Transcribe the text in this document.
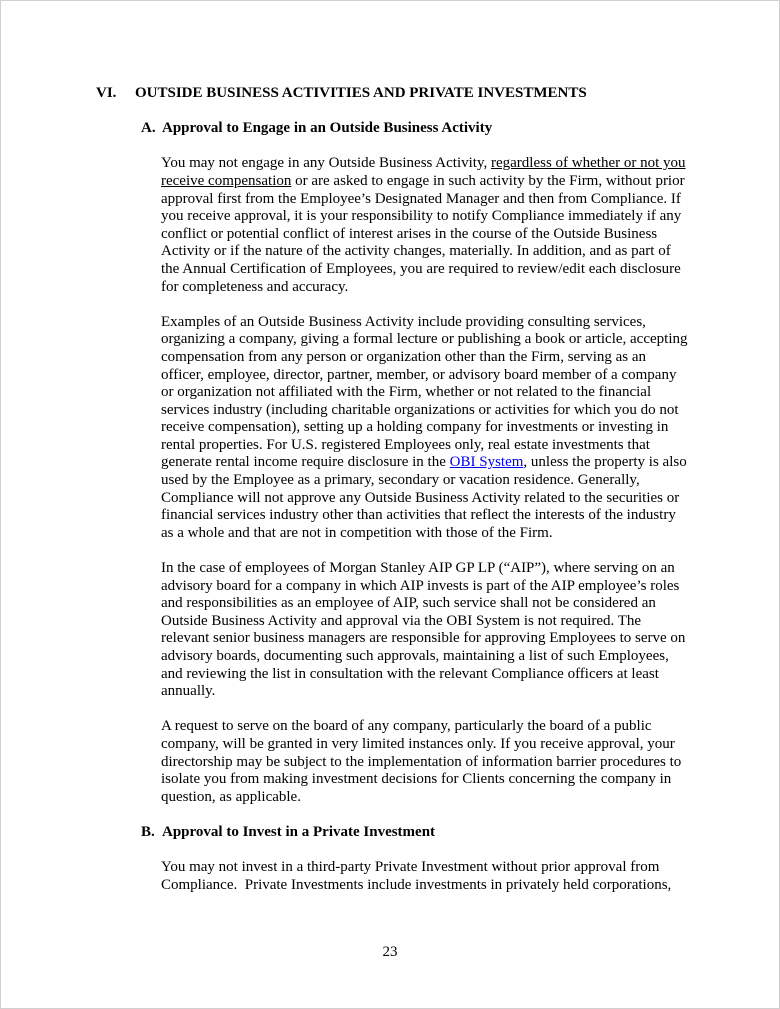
VI.	OUTSIDE BUSINESS ACTIVITIES AND PRIVATE INVESTMENTS
A. Approval to Engage in an Outside Business Activity

You may not engage in any Outside Business Activity, regardless of whether or not you receive compensation or are asked to engage in such activity by the Firm, without prior approval first from the Employee’s Designated Manager and then from Compliance. If you receive approval, it is your responsibility to notify Compliance immediately if any conflict or potential conflict of interest arises in the course of the Outside Business Activity or if the nature of the activity changes, materially. In addition, and as part of the Annual Certification of Employees, you are required to review/edit each disclosure for completeness and accuracy.

Examples of an Outside Business Activity include providing consulting services, organizing a company, giving a formal lecture or publishing a book or article, accepting compensation from any person or organization other than the Firm, serving as an officer, employee, director, partner, member, or advisory board member of a company or organization not affiliated with the Firm, whether or not related to the financial services industry (including charitable organizations or activities for which you do not receive compensation), setting up a holding company for investments or investing in rental properties. For U.S. registered Employees only, real estate investments that generate rental income require disclosure in the OBI System, unless the property is also used by the Employee as a primary, secondary or vacation residence. Generally, Compliance will not approve any Outside Business Activity related to the securities or financial services industry other than activities that reflect the interests of the industry as a whole and that are not in competition with those of the Firm.

In the case of employees of Morgan Stanley AIP GP LP (“AIP”), where serving on an advisory board for a company in which AIP invests is part of the AIP employee’s roles and responsibilities as an employee of AIP, such service shall not be considered an Outside Business Activity and approval via the OBI System is not required. The relevant senior business managers are responsible for approving Employees to serve on advisory boards, documenting such approvals, maintaining a list of such Employees, and reviewing the list in consultation with the relevant Compliance officers at least annually.

A request to serve on the board of any company, particularly the board of a public company, will be granted in very limited instances only. If you receive approval, your directorship may be subject to the implementation of information barrier procedures to isolate you from making investment decisions for Clients concerning the company in question, as applicable.

B. Approval to Invest in a Private Investment

You may not invest in a third-party Private Investment without prior approval from Compliance.  Private Investments include investments in privately held corporations,

23
